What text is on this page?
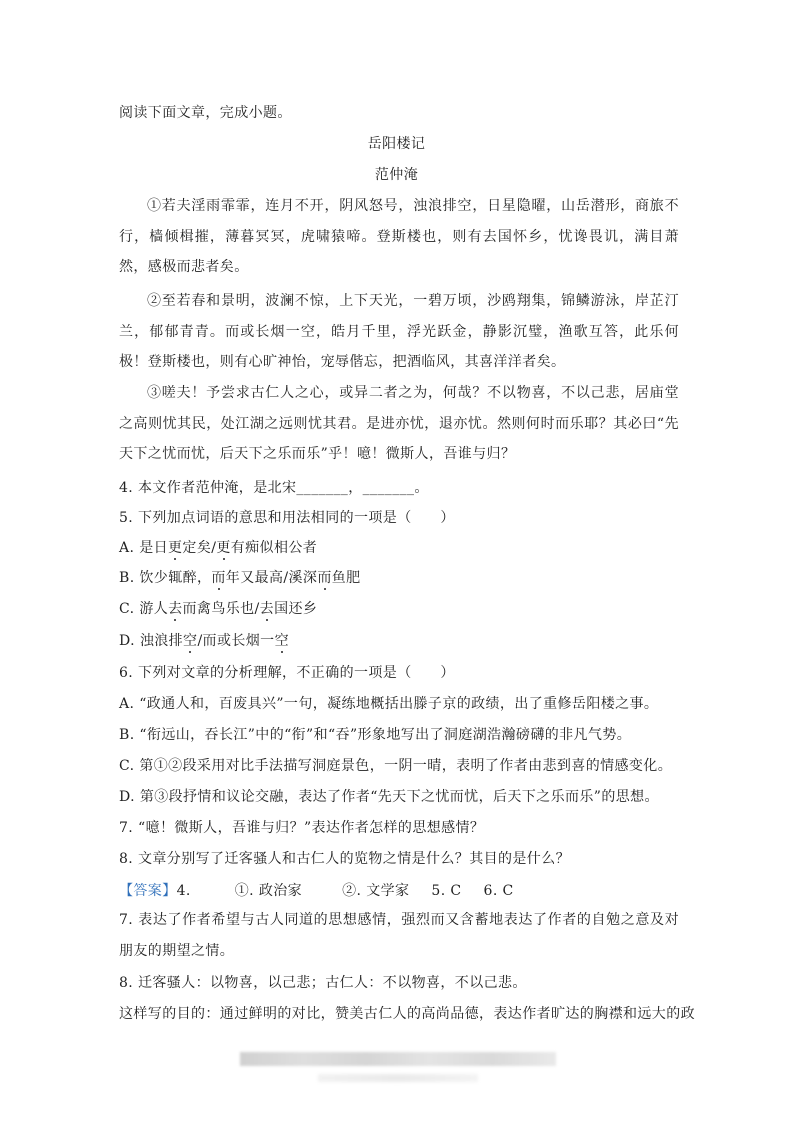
阅读下面文章，完成小题。
岳阳楼记
范仲淹
①若夫淫雨霏霏，连月不开，阴风怒号，浊浪排空，日星隐曜，山岳潜形，商旅不行，樯倾楫摧，薄暮冥冥，虎啸猿啼。登斯楼也，则有去国怀乡，忧谗畏讥，满目萧然，感极而悲者矣。
②至若春和景明，波澜不惊，上下天光，一碧万顷，沙鸥翔集，锦鳞游泳，岸芷汀兰，郁郁青青。而或长烟一空，皓月千里，浮光跃金，静影沉璧，渔歌互答，此乐何极！登斯楼也，则有心旷神怡，宠辱偕忘，把酒临风，其喜洋洋者矣。
③嗟夫！予尝求古仁人之心，或异二者之为，何哉？不以物喜，不以己悲，居庙堂之高则忧其民，处江湖之远则忧其君。是进亦忧，退亦忧。然则何时而乐耶？其必曰“先天下之忧而忧，后天下之乐而乐”乎！噫！微斯人，吾谁与归？
4. 本文作者范仲淹，是北宋_______，_______。
5. 下列加点词语的意思和用法相同的一项是（　　）
A. 是日更定矣/更有痴似相公者
B. 饮少辄醉，而年又最高/溪深而鱼肥
C. 游人去而禽鸟乐也/去国还乡
D. 浊浪排空/而或长烟一空
6. 下列对文章的分析理解，不正确的一项是（　　）
A. “政通人和，百废具兴”一句，凝练地概括出滕子京的政绩，出了重修岳阳楼之事。
B. “衔远山，吞长江”中的“衔”和“吞”形象地写出了洞庭湖浩瀚磅礴的非凡气势。
C. 第①②段采用对比手法描写洞庭景色，一阴一晴，表明了作者由悲到喜的情感变化。
D. 第③段抒情和议论交融，表达了作者“先天下之忧而忧，后天下之乐而乐”的思想。
7. “噫！微斯人，吾谁与归？”表达作者怎样的思想感情？
8. 文章分别写了迁客骚人和古仁人的览物之情是什么？其目的是什么？
【答案】4.	①. 政治家	②. 文学家 5. C 6. C
7. 表达了作者希望与古人同道的思想感情，强烈而又含蓄地表达了作者的自勉之意及对朋友的期望之情。
8. 迁客骚人：以物喜，以己悲；古仁人：不以物喜，不以己悲。
这样写的目的：通过鲜明的对比，赞美古仁人的高尚品德，表达作者旷达的胸襟和远大的政
